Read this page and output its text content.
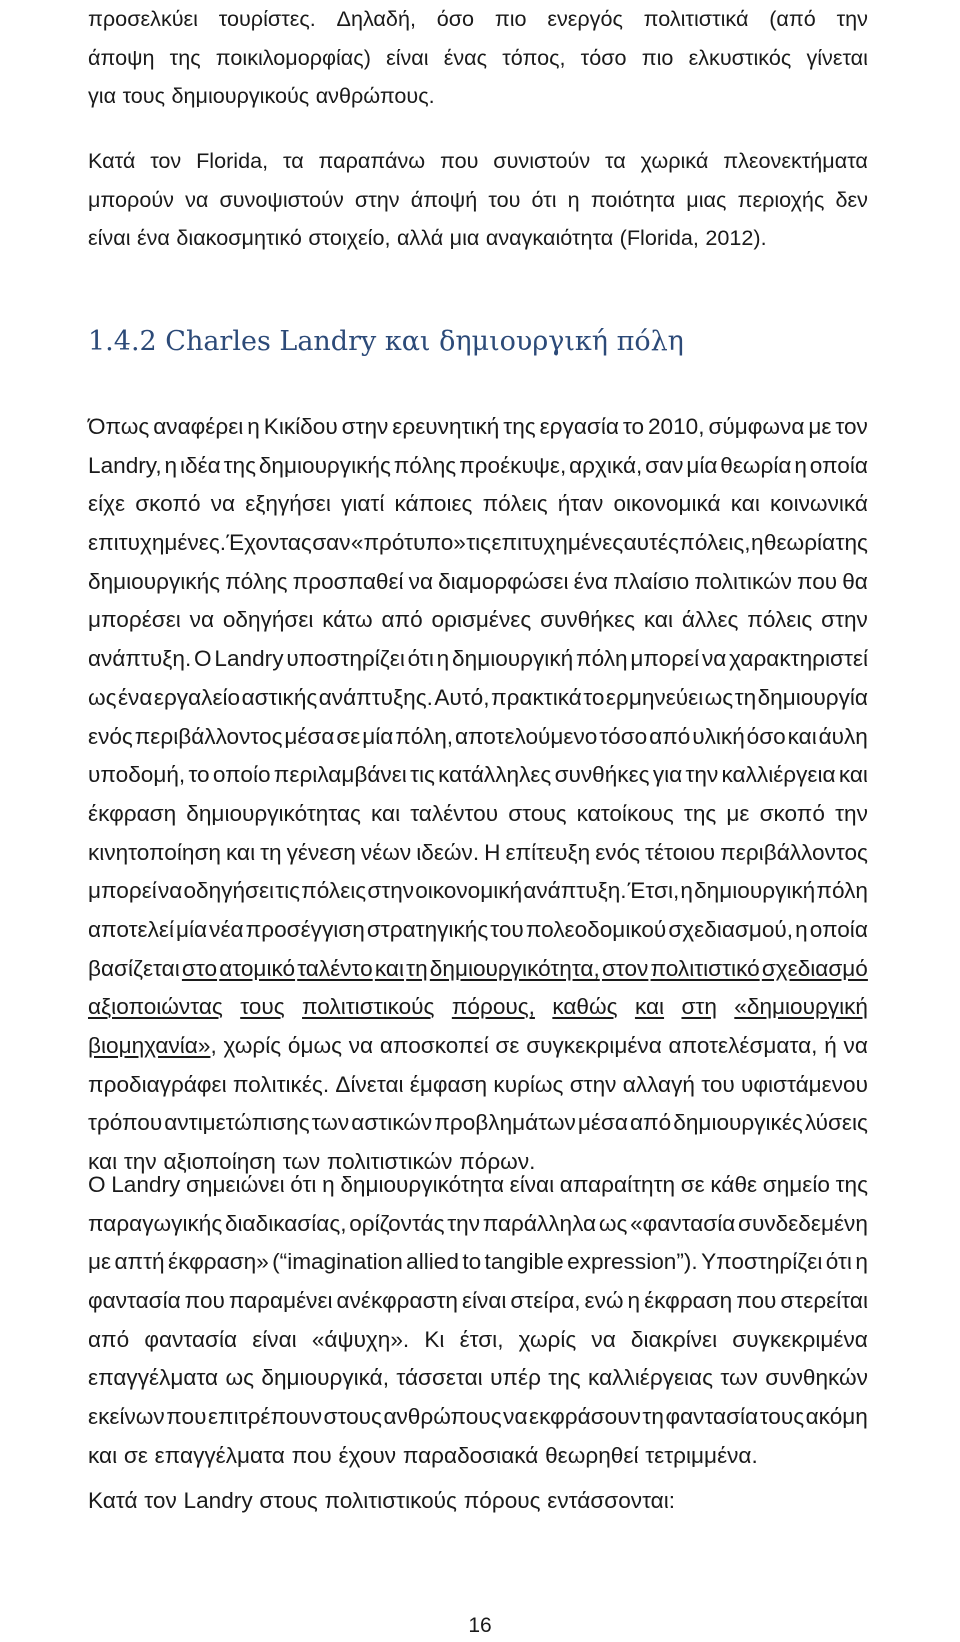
προσελκύει τουρίστες. Δηλαδή, όσο πιο ενεργός πολιτιστικά (από την
άποψη της ποικιλομορφίας) είναι ένας τόπος, τόσο πιο ελκυστικός γίνεται
για τους δημιουργικούς ανθρώπους.
Κατά τον Florida, τα παραπάνω που συνιστούν τα χωρικά πλεονεκτήματα
μπορούν να συνοψιστούν στην άποψή του ότι η ποιότητα μιας περιοχής δεν
είναι ένα διακοσμητικό στοιχείο, αλλά μια αναγκαιότητα (Florida, 2012).
1.4.2 Charles Landry και δημιουργική πόλη
Όπως αναφέρει η Κικίδου στην ερευνητική της εργασία το 2010, σύμφωνα με τον
Landry, η ιδέα της δημιουργικής πόλης προέκυψε, αρχικά, σαν μία θεωρία η οποία
είχε σκοπό να εξηγήσει γιατί κάποιες πόλεις ήταν οικονομικά και κοινωνικά
επιτυχημένες. Έχοντας σαν «πρότυπο» τις επιτυχημένες αυτές πόλεις, η θεωρία της
δημιουργικής πόλης προσπαθεί να διαμορφώσει ένα πλαίσιο πολιτικών που θα
μπορέσει να οδηγήσει κάτω από ορισμένες συνθήκες και άλλες πόλεις στην
ανάπτυξη. Ο Landry υποστηρίζει ότι η δημιουργική πόλη μπορεί να χαρακτηριστεί
ως ένα εργαλείο αστικής ανάπτυξης. Αυτό, πρακτικά το ερμηνεύει ως τη δημιουργία
ενός περιβάλλοντος μέσα σε μία πόλη, αποτελούμενο τόσο από υλική όσο και άυλη
υποδομή, το οποίο περιλαμβάνει τις κατάλληλες συνθήκες για την καλλιέργεια και
έκφραση δημιουργικότητας και ταλέντου στους κατοίκους της με σκοπό την
κινητοποίηση και τη γένεση νέων ιδεών. Η επίτευξη ενός τέτοιου περιβάλλοντος
μπορεί να οδηγήσει τις πόλεις στην οικονομική ανάπτυξη. Έτσι, η δημιουργική πόλη
αποτελεί μία νέα προσέγγιση στρατηγικής του πολεοδομικού σχεδιασμού, η οποία
βασίζεται στο ατομικό ταλέντο και τη δημιουργικότητα, στον πολιτιστικό σχεδιασμό
αξιοποιώντας τους πολιτιστικούς πόρους, καθώς και στη «δημιουργική
βιομηχανία», χωρίς όμως να αποσκοπεί σε συγκεκριμένα αποτελέσματα, ή να
προδιαγράφει πολιτικές. Δίνεται έμφαση κυρίως στην αλλαγή του υφιστάμενου
τρόπου αντιμετώπισης των αστικών προβλημάτων μέσα από δημιουργικές λύσεις
και την αξιοποίηση των πολιτιστικών πόρων.
Ο Landry σημειώνει ότι η δημιουργικότητα είναι απαραίτητη σε κάθε σημείο της
παραγωγικής διαδικασίας, ορίζοντάς την παράλληλα ως «φαντασία συνδεδεμένη
με απτή έκφραση» (“imagination allied to tangible expression”). Υποστηρίζει ότι η
φαντασία που παραμένει ανέκφραστη είναι στείρα, ενώ η έκφραση που στερείται
από φαντασία είναι «άψυχη». Κι έτσι, χωρίς να διακρίνει συγκεκριμένα
επαγγέλματα ως δημιουργικά, τάσσεται υπέρ της καλλιέργειας των συνθηκών
εκείνων που επιτρέπουν στους ανθρώπους να εκφράσουν τη φαντασία τους ακόμη
και σε επαγγέλματα που έχουν παραδοσιακά θεωρηθεί τετριμμένα.
Κατά τον Landry στους πολιτιστικούς πόρους εντάσσονται:
16
